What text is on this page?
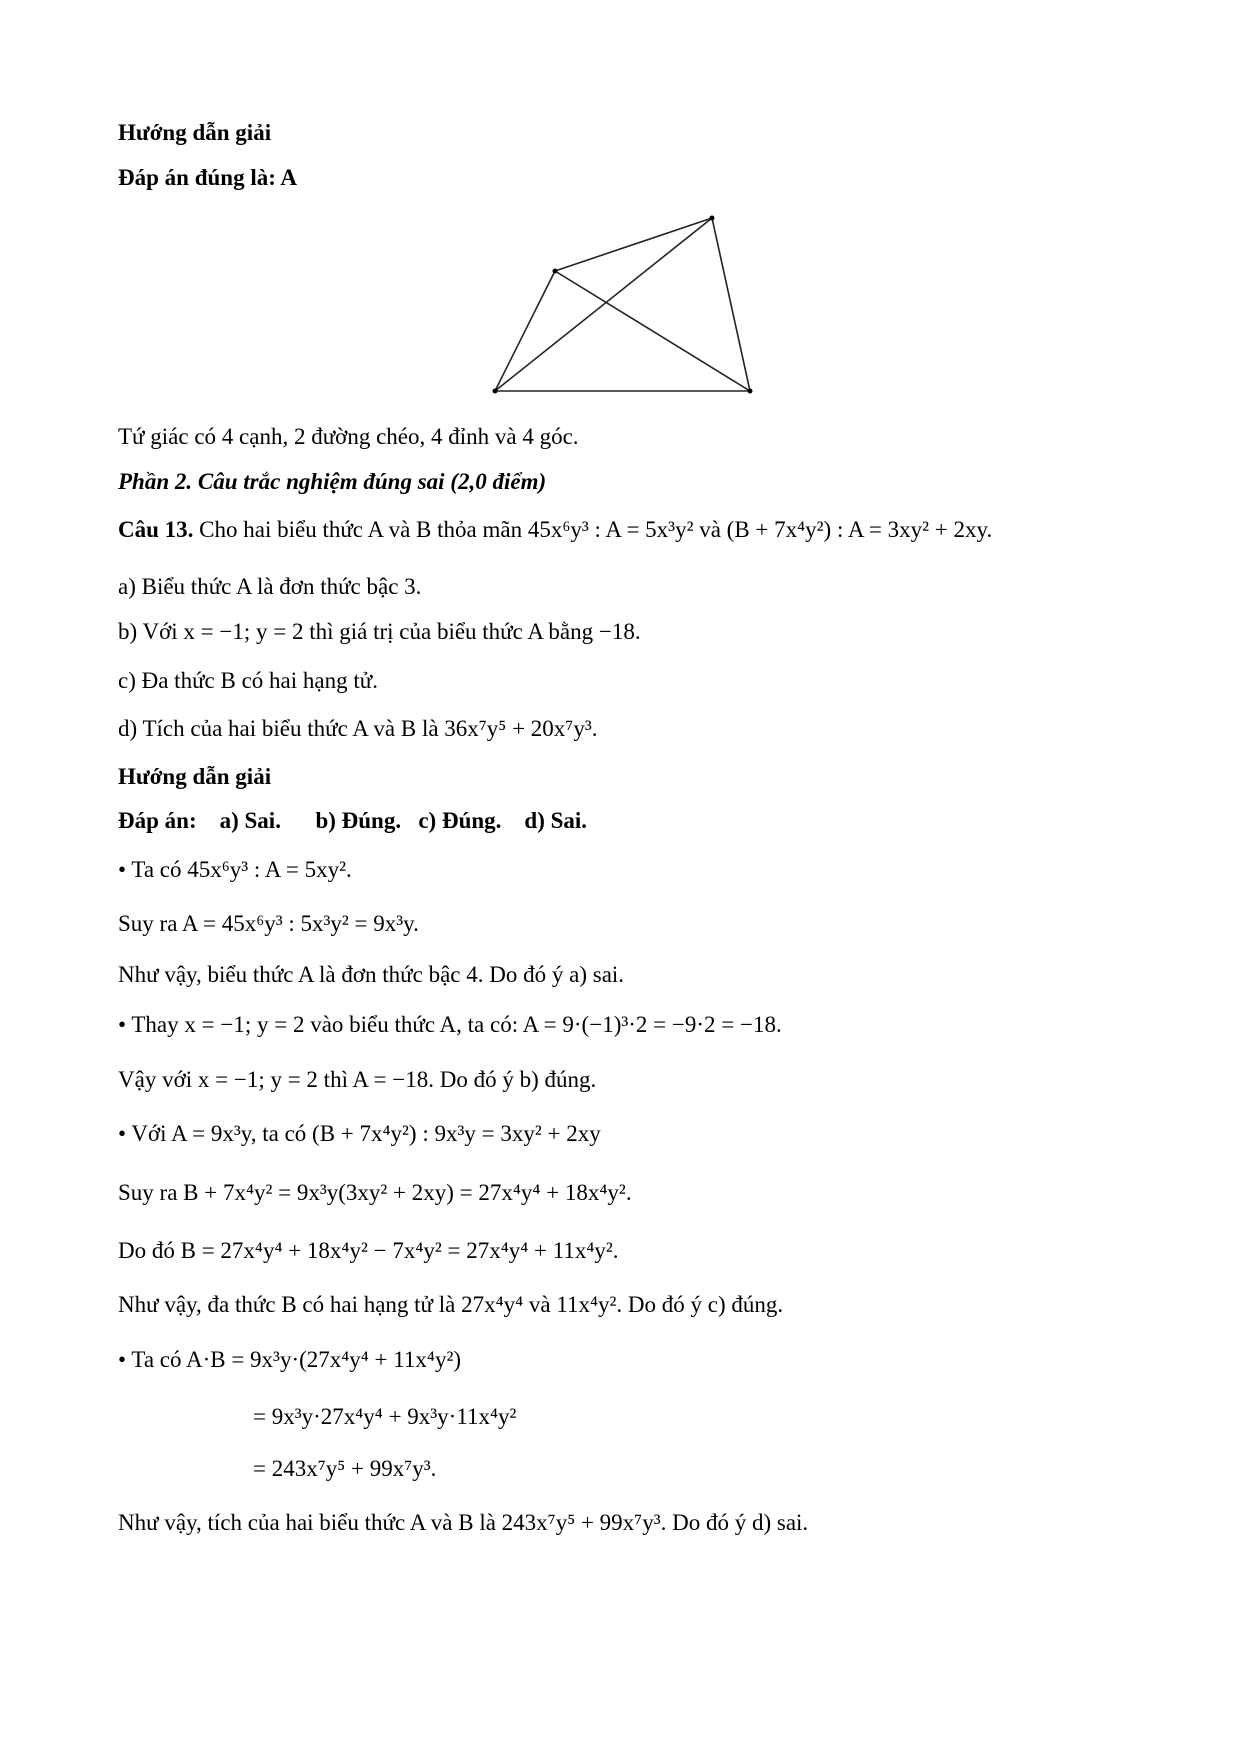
Hướng dẫn giải
Đáp án đúng là: A
Tứ giác có 4 cạnh, 2 đường chéo, 4 đỉnh và 4 góc.
Phần 2. Câu trắc nghiệm đúng sai (2,0 điểm)
Câu 13. Cho hai biểu thức A và B thỏa mãn 45x⁶y³ : A = 5x³y² và (B + 7x⁴y²) : A = 3xy² + 2xy.
a) Biểu thức A là đơn thức bậc 3.
b) Với x = −1; y = 2 thì giá trị của biểu thức A bằng −18.
c) Đa thức B có hai hạng tử.
d) Tích của hai biểu thức A và B là 36x⁷y⁵ + 20x⁷y³.
Hướng dẫn giải
Đáp án:    a) Sai.      b) Đúng.   c) Đúng.    d) Sai.
• Ta có 45x⁶y³ : A = 5xy².
Suy ra A = 45x⁶y³ : 5x³y² = 9x³y.
Như vậy, biểu thức A là đơn thức bậc 4. Do đó ý a) sai.
• Thay x = −1; y = 2 vào biểu thức A, ta có: A = 9·(−1)³·2 = −9·2 = −18.
Vậy với x = −1; y = 2 thì A = −18. Do đó ý b) đúng.
• Với A = 9x³y, ta có (B + 7x⁴y²) : 9x³y = 3xy² + 2xy
Suy ra B + 7x⁴y² = 9x³y(3xy² + 2xy) = 27x⁴y⁴ + 18x⁴y².
Do đó B = 27x⁴y⁴ + 18x⁴y² − 7x⁴y² = 27x⁴y⁴ + 11x⁴y².
Như vậy, đa thức B có hai hạng tử là 27x⁴y⁴ và 11x⁴y². Do đó ý c) đúng.
• Ta có A·B = 9x³y·(27x⁴y⁴ + 11x⁴y²)
= 9x³y·27x⁴y⁴ + 9x³y·11x⁴y²
= 243x⁷y⁵ + 99x⁷y³.
Như vậy, tích của hai biểu thức A và B là 243x⁷y⁵ + 99x⁷y³. Do đó ý d) sai.
